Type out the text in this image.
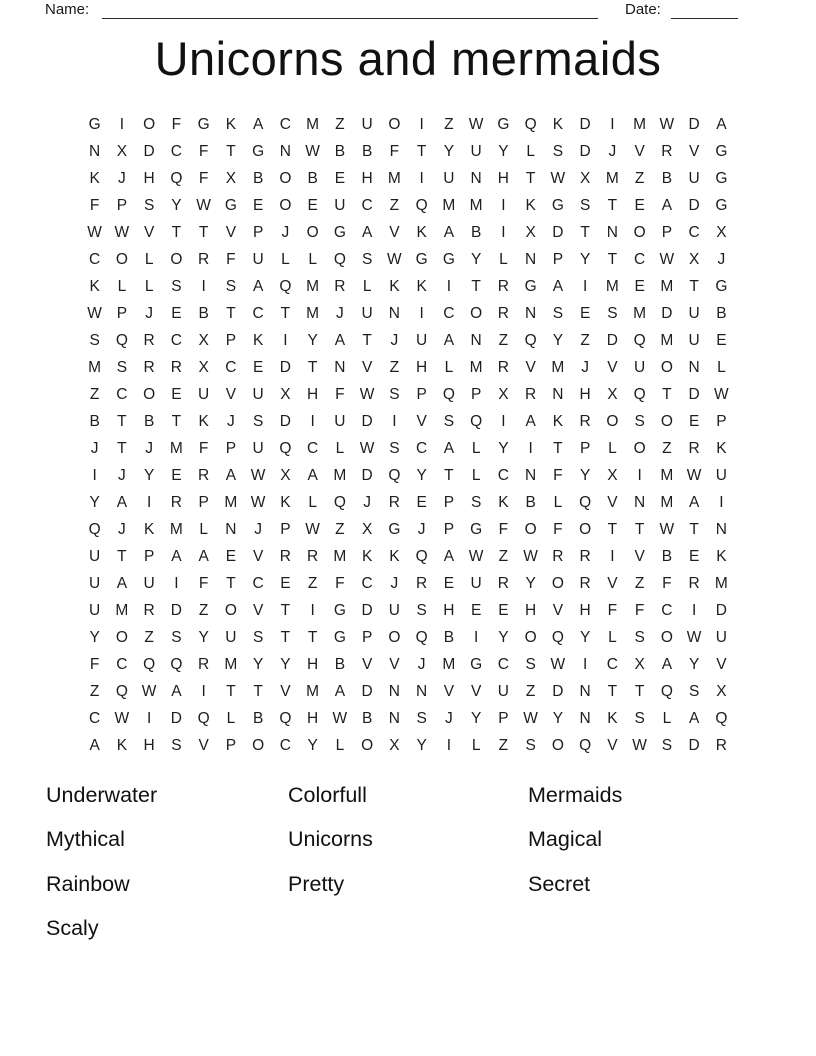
Name:	Date:
Unicorns and mermaids
G	I	O	F	G	K	A	C M	Z	U	O	I	Z W G Q	K	D	I	M W D	A
N	X	D	C	F	T	G	N W B	B	F	T	Y	U	Y	L	S	D	J	V	R	V	G
K	J	H	Q	F	X	B	O	B	E	H M	I	U	N	H	T W X	M	Z	B	U	G
F	P	S	Y W G	E	O	E	U	C	Z	Q M M	I	K	G	S	T	E	A	D	G
W W V	T	T	V	P	J	O G	A	V	K	A	B	I	X	D	T	N	O	P	C	X
C	O	L	O	R	F	U	L	L	Q	S W G G	Y	L	N	P	Y	T	C W X	J
K	L	L	S	I	S	A	Q M R	L	K	K	I	T	R	G	A	I	M	E	M	T	G
W P	J	E	B	T	C	T	M	J	U	N	I	C	O	R	N	S	E	S	M D	U	B
S	Q	R	C	X	P	K	I	Y	A	T	J	U	A	N	Z	Q	Y	Z	D	Q M U	E
M	S	R	R	X	C	E	D	T	N	V	Z	H	L	M R	V	M	J	V	U	O	N	L
Z	C	O	E	U	V	U	X	H	F W S	P	Q	P	X	R	N	H	X	Q	T	D W
B	T	B	T	K	J	S	D	I	U	D	I	V	S	Q	I	A	K	R	O	S	O	E	P
J	T	J	M	F	P	U	Q	C	L	W S	C	A	L	Y	I	T	P	L	O	Z	R	K
I	J	Y	E	R	A W X	A	M D	Q	Y	T	L	C	N	F	Y	X	I	M W U
Y	A	I	R	P	M W K	L	Q	J	R	E	P	S	K	B	L	Q	V	N M	A	I
Q	J	K	M	L	N	J	P W Z	X	G	J	P	G	F	O	F	O	T	T W T	N
U	T	P	A	A	E	V	R	R M	K	K	Q	A W Z W R	R	I	V	B	E	K
U	A	U	I	F	T	C	E	Z	F	C	J	R	E	U	R	Y	O	R	V	Z	F	R M
U M R	D	Z	O	V	T	I	G	D	U	S	H	E	E	H	V	H	F	F	C	I	D
Y	O	Z	S	Y	U	S	T	T	G	P	O Q	B	I	Y	O Q	Y	L	S	O W U
F	C	Q Q	R M	Y	Y	H	B	V	V	J	M G	C	S W	I	C	X	A	Y	V
Z	Q W A	I	T	T	V	M	A	D	N	N	V	V	U	Z	D	N	T	T	Q	S	X
C W	I	D	Q	L	B	Q	H W B	N	S	J	Y	P W Y	N	K	S	L	A	Q
A	K	H	S	V	P	O	C	Y	L	O	X	Y	I	L	Z	S	O Q	V W S	D	R
Underwater
Mythical
Rainbow
Scaly
Colorfull
Unicorns
Pretty
Mermaids
Magical
Secret
